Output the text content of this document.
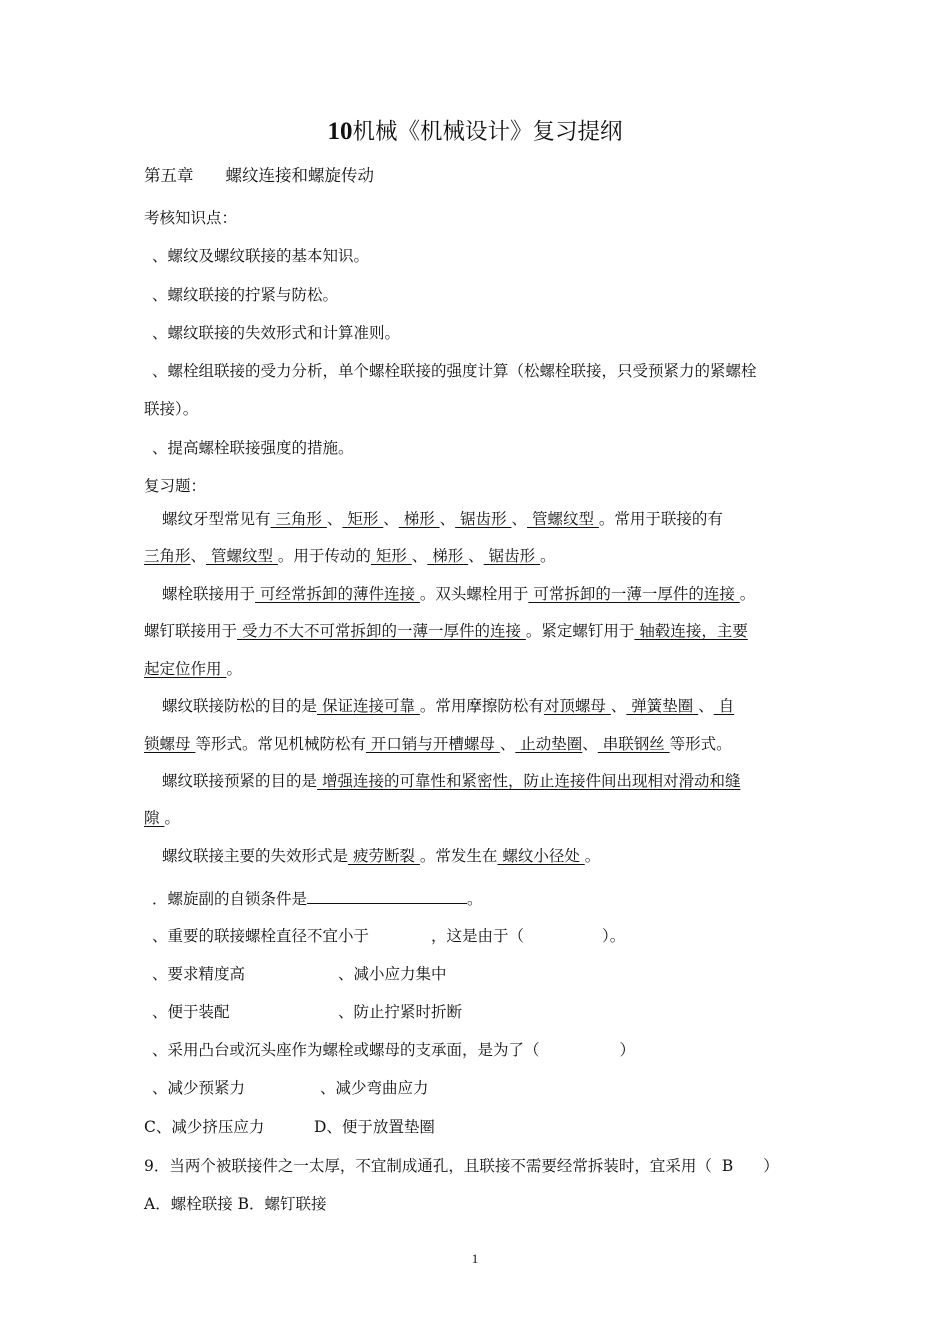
10机械《机械设计》复习提纲
第五章 螺纹连接和螺旋传动
考核知识点：
、螺纹及螺纹联接的基本知识。
、螺纹联接的拧紧与防松。
、螺纹联接的失效形式和计算准则。
、螺栓组联接的受力分析，单个螺栓联接的强度计算（松螺栓联接，只受预紧力的紧螺栓
联接）。
、提高螺栓联接强度的措施。
复习题：
螺纹牙型常见有 三角形 、 矩形 、 梯形 、 锯齿形 、 管螺纹型 。常用于联接的有
三角形、 管螺纹型 。用于传动的 矩形 、 梯形 、 锯齿形 。
螺栓联接用于 可经常拆卸的薄件连接 。双头螺栓用于 可常拆卸的一薄一厚件的连接 。
螺钉联接用于 受力不大不可常拆卸的一薄一厚件的连接 。紧定螺钉用于 轴毂连接，主要
起定位作用 。
螺纹联接防松的目的是 保证连接可靠 。常用摩擦防松有对顶螺母 、 弹簧垫圈 、 自
锁螺母 等形式。常见机械防松有 开口销与开槽螺母 、 止动垫圈、 串联钢丝 等形式。
螺纹联接预紧的目的是 增强连接的可靠性和紧密性，防止连接件间出现相对滑动和缝
隙 。
螺纹联接主要的失效形式是 疲劳断裂 。常发生在 螺纹小径处 。
．螺旋副的自锁条件是	。
、重要的联接螺栓直径不宜小于	，这是由于（	）。
、要求精度高	、减小应力集中
、便于装配	、防止拧紧时折断
、采用凸台或沉头座作为螺栓或螺母的支承面，是为了（	）
、减少预紧力	、减少弯曲应力
C、减少挤压应力	D、便于放置垫圈
9．当两个被联接件之一太厚，不宜制成通孔，且联接不需要经常拆装时，宜采用（ B ）
A．螺栓联接 B．螺钉联接
1
